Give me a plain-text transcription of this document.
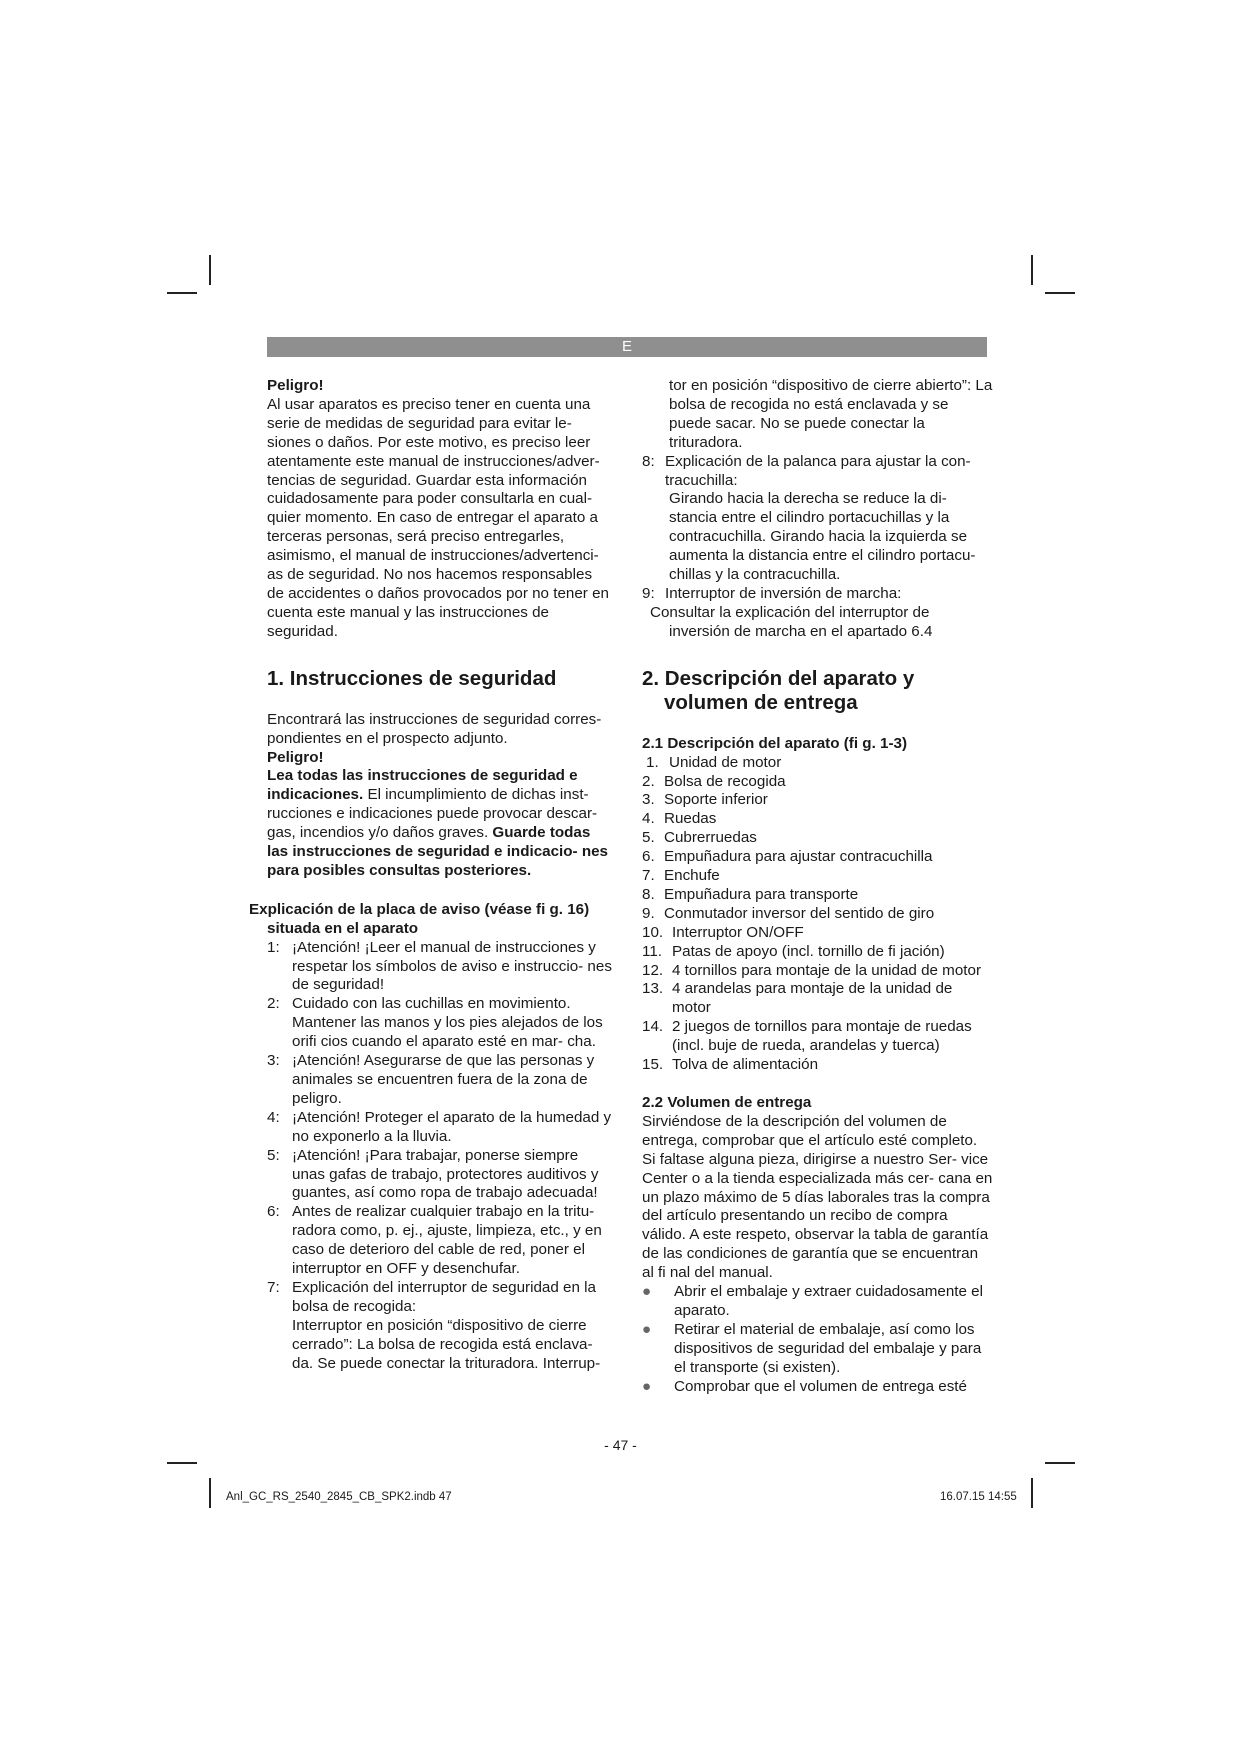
E

Peligro!

Al usar aparatos es preciso tener en cuenta una serie de medidas de seguridad para evitar le- siones o daños. Por este motivo, es preciso leer atentamente este manual de instrucciones/adver- tencias de seguridad. Guardar esta información cuidadosamente para poder consultarla en cual- quier momento. En caso de entregar el aparato a terceras personas, será preciso entregarles, asimismo, el manual de instrucciones/advertenci- as de seguridad. No nos hacemos responsables de accidentes o daños provocados por no tener en cuenta este manual y las instrucciones de seguridad.

1. Instrucciones de seguridad

Encontrará las instrucciones de seguridad corres- pondientes en el prospecto adjunto.

Peligro!

Lea todas las instrucciones de seguridad e indicaciones. El incumplimiento de dichas inst- rucciones e indicaciones puede provocar descar- gas, incendios y/o daños graves. Guarde todas las instrucciones de seguridad e indicacio- nes para posibles consultas posteriores.

Explicación de la placa de aviso (véase fi g. 16) situada en el aparato
1: ¡Atención! ¡Leer el manual de instrucciones y respetar los símbolos de aviso e instruccio- nes de seguridad!
2: Cuidado con las cuchillas en movimiento. Mantener las manos y los pies alejados de los orifi cios cuando el aparato esté en mar- cha.
3: ¡Atención! Asegurarse de que las personas y animales se encuentren fuera de la zona de peligro.
4: ¡Atención! Proteger el aparato de la humedad y no exponerlo a la lluvia.
5: ¡Atención! ¡Para trabajar, ponerse siempre unas gafas de trabajo, protectores auditivos y guantes, así como ropa de trabajo adecuada!
6: Antes de realizar cualquier trabajo en la tritu- radora como, p. ej., ajuste, limpieza, etc., y en caso de deterioro del cable de red, poner el interruptor en OFF y desenchufar.
7: Explicación del interruptor de seguridad en la bolsa de recogida:
Interruptor en posición “dispositivo de cierre cerrado”: La bolsa de recogida está enclava- da. Se puede conectar la trituradora. Interrup-

tor en posición “dispositivo de cierre abierto”: La bolsa de recogida no está enclavada y se puede sacar. No se puede conectar la trituradora.

8: Explicación de la palanca para ajustar la con- tracuchilla:

Girando hacia la derecha se reduce la di- stancia entre el cilindro portacuchillas y la contracuchilla. Girando hacia la izquierda se aumenta la distancia entre el cilindro portacu- chillas y la contracuchilla.

9: Interruptor de inversión de marcha:

Consultar la explicación del interruptor de inversión de marcha en el apartado 6.4

2. Descripción del aparato y
volumen de entrega
2.1 Descripción del aparato (fi g. 1-3)
1. Unidad de motor
2. Bolsa de recogida
3. Soporte inferior
4. Ruedas
5. Cubrerruedas
6. Empuñadura para ajustar contracuchilla
7. Enchufe
8. Empuñadura para transporte
9. Conmutador inversor del sentido de giro
10. Interruptor ON/OFF
11. Patas de apoyo (incl. tornillo de fi jación)
12. 4 tornillos para montaje de la unidad de motor
13. 4 arandelas para montaje de la unidad de motor
14. 2 juegos de tornillos para montaje de ruedas (incl. buje de rueda, arandelas y tuerca)
15. Tolva de alimentación
2.2 Volumen de entrega

Sirviéndose de la descripción del volumen de entrega, comprobar que el artículo esté completo. Si faltase alguna pieza, dirigirse a nuestro Ser- vice Center o a la tienda especializada más cer- cana en un plazo máximo de 5 días laborales tras la compra del artículo presentando un recibo de compra válido. A este respeto, observar la tabla de garantía de las condiciones de garantía que se encuentran al fi nal del manual.

● Abrir el embalaje y extraer cuidadosamente el aparato.
● Retirar el material de embalaje, así como los dispositivos de seguridad del embalaje y para el transporte (si existen).
● Comprobar que el volumen de entrega esté
- 47 -
Anl_GC_RS_2540_2845_CB_SPK2.indb 47	16.07.15 14:55
